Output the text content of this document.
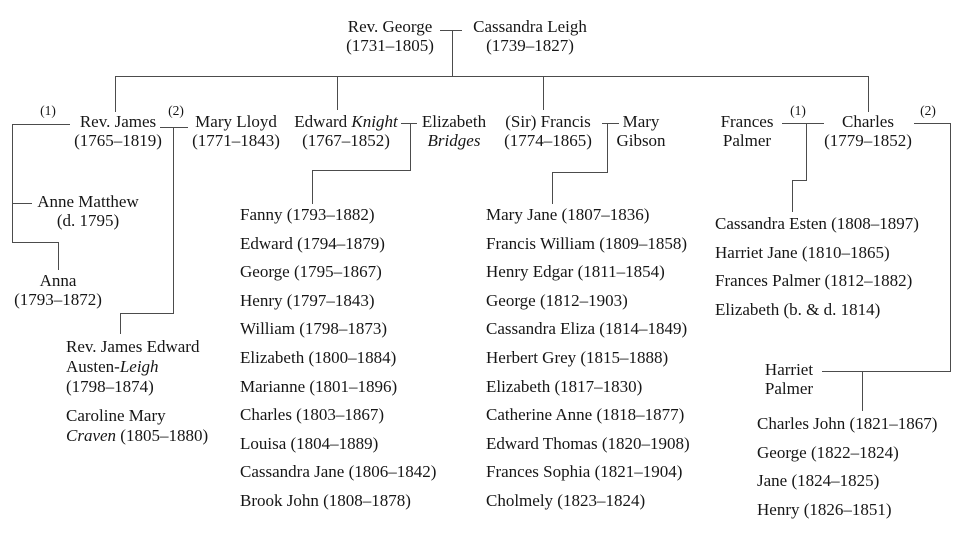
Rev. George
(1731–1805)
Cassandra Leigh
(1739–1827)
(1)
Rev. James
(1765–1819)
(2)
Mary Lloyd
(1771–1843)
Edward Knight
(1767–1852)
Elizabeth
Bridges
(Sir) Francis
(1774–1865)
Mary
Gibson
Frances
Palmer
(1)
Charles
(1779–1852)
(2)
Anne Matthew
(d. 1795)
Anna
(1793–1872)

Rev. James Edward
Austen-Leigh
(1798–1874)

Caroline Mary
Craven (1805–1880)

Fanny (1793–1882)
Edward (1794–1879)
George (1795–1867)
Henry (1797–1843)
William (1798–1873)
Elizabeth (1800–1884)
Marianne (1801–1896)
Charles (1803–1867)
Louisa (1804–1889)
Cassandra Jane (1806–1842)
Brook John (1808–1878)
Mary Jane (1807–1836)
Francis William (1809–1858)
Henry Edgar (1811–1854)
George (1812–1903)
Cassandra Eliza (1814–1849)
Herbert Grey (1815–1888)
Elizabeth (1817–1830)
Catherine Anne (1818–1877)
Edward Thomas (1820–1908)
Frances Sophia (1821–1904)
Cholmely (1823–1824)
Cassandra Esten (1808–1897)
Harriet Jane (1810–1865)
Frances Palmer (1812–1882)
Elizabeth (b. & d. 1814)
Harriet
Palmer
Charles John (1821–1867)
George (1822–1824)
Jane (1824–1825)
Henry (1826–1851)
